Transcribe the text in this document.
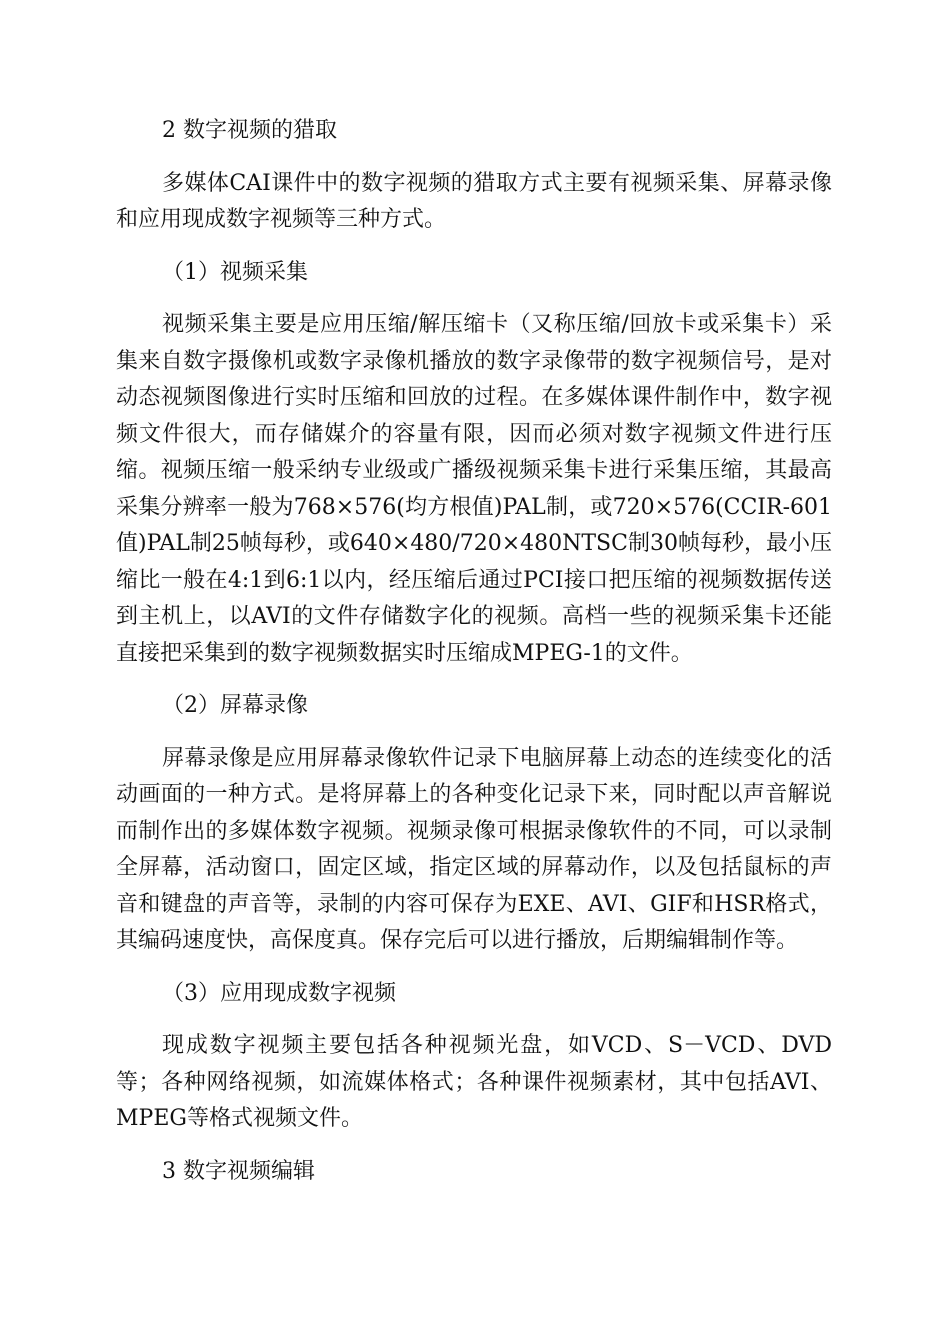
2 数字视频的猎取

多媒体CAI课件中的数字视频的猎取方式主要有视频采集、屏幕录像和应用现成数字视频等三种方式。

（1）视频采集

视频采集主要是应用压缩/解压缩卡（又称压缩/回放卡或采集卡）采集来自数字摄像机或数字录像机播放的数字录像带的数字视频信号，是对动态视频图像进行实时压缩和回放的过程。在多媒体课件制作中，数字视频文件很大，而存储媒介的容量有限，因而必须对数字视频文件进行压缩。视频压缩一般采纳专业级或广播级视频采集卡进行采集压缩，其最高采集分辨率一般为768×576(均方根值)PAL制，或720×576(CCIR-601值)PAL制25帧每秒，或640×480/720×480NTSC制30帧每秒，最小压缩比一般在4:1到6:1以内，经压缩后通过PCI接口把压缩的视频数据传送到主机上，以AVI的文件存储数字化的视频。高档一些的视频采集卡还能直接把采集到的数字视频数据实时压缩成MPEG-1的文件。

（2）屏幕录像

屏幕录像是应用屏幕录像软件记录下电脑屏幕上动态的连续变化的活动画面的一种方式。是将屏幕上的各种变化记录下来，同时配以声音解说而制作出的多媒体数字视频。视频录像可根据录像软件的不同，可以录制全屏幕，活动窗口，固定区域，指定区域的屏幕动作，以及包括鼠标的声音和键盘的声音等，录制的内容可保存为EXE、AVI、GIF和HSR格式，其编码速度快，高保度真。保存完后可以进行播放，后期编辑制作等。

（3）应用现成数字视频

现成数字视频主要包括各种视频光盘，如VCD、S－VCD、DVD等；各种网络视频，如流媒体格式；各种课件视频素材，其中包括AVI、MPEG等格式视频文件。

3 数字视频编辑
